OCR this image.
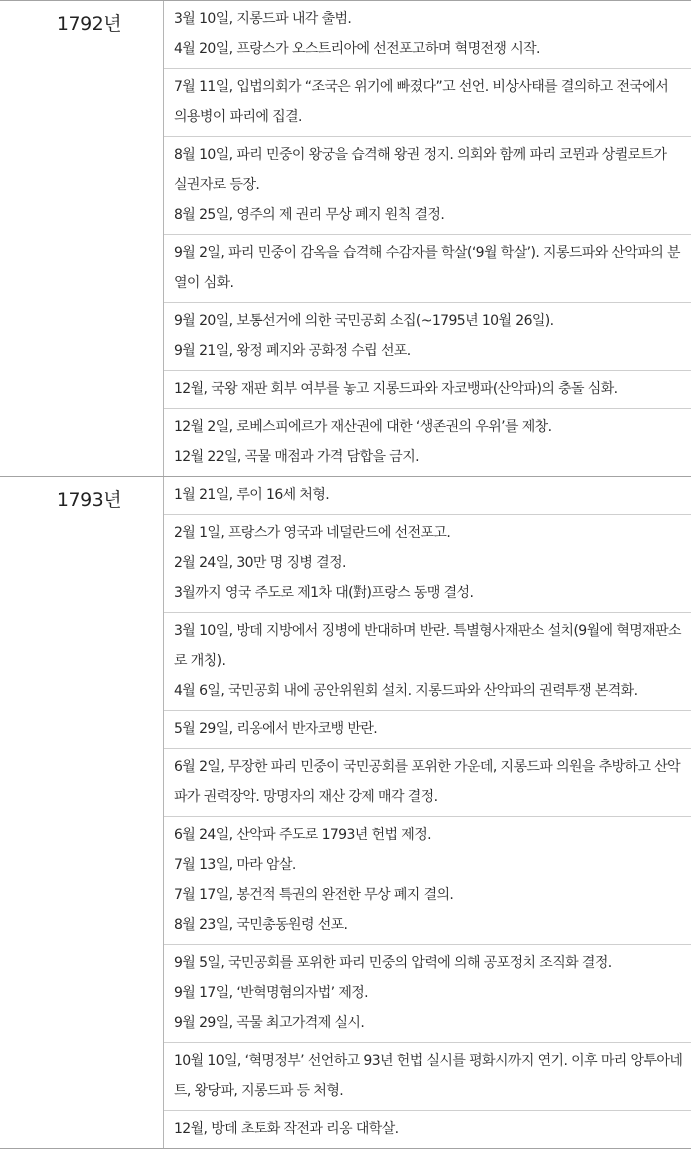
1792년	3월 10일, 지롱드파 내각 출범.
4월 20일, 프랑스가 오스트리아에 선전포고하며 혁명전쟁 시작.
7월 11일, 입법의회가 “조국은 위기에 빠졌다”고 선언. 비상사태를 결의하고 전국에서 의용병이 파리에 집결.
8월 10일, 파리 민중이 왕궁을 습격해 왕권 정지. 의회와 함께 파리 코뮌과 상퀼로트가 실권자로 등장.
8월 25일, 영주의 제 권리 무상 폐지 원칙 결정.
9월 2일, 파리 민중이 감옥을 습격해 수감자를 학살(‘9월 학살’). 지롱드파와 산악파의 분열이 심화.
9월 20일, 보통선거에 의한 국민공회 소집(~1795년 10월 26일).
9월 21일, 왕정 폐지와 공화정 수립 선포.
12월, 국왕 재판 회부 여부를 놓고 지롱드파와 자코뱅파(산악파)의 충돌 심화.
12월 2일, 로베스피에르가 재산권에 대한 ‘생존권의 우위’를 제창.
12월 22일, 곡물 매점과 가격 담합을 금지.
1793년	1월 21일, 루이 16세 처형.
2월 1일, 프랑스가 영국과 네덜란드에 선전포고.
2월 24일, 30만 명 징병 결정.
3월까지 영국 주도로 제1차 대(對)프랑스 동맹 결성.
3월 10일, 방데 지방에서 징병에 반대하며 반란. 특별형사재판소 설치(9월에 혁명재판소로 개칭).
4월 6일, 국민공회 내에 공안위원회 설치. 지롱드파와 산악파의 권력투쟁 본격화.
5월 29일, 리옹에서 반자코뱅 반란.
6월 2일, 무장한 파리 민중이 국민공회를 포위한 가운데, 지롱드파 의원을 추방하고 산악파가 권력장악. 망명자의 재산 강제 매각 결정.
6월 24일, 산악파 주도로 1793년 헌법 제정.
7월 13일, 마라 암살.
7월 17일, 봉건적 특권의 완전한 무상 폐지 결의.
8월 23일, 국민총동원령 선포.
9월 5일, 국민공회를 포위한 파리 민중의 압력에 의해 공포정치 조직화 결정.
9월 17일, ‘반혁명혐의자법’ 제정.
9월 29일, 곡물 최고가격제 실시.
10월 10일, ‘혁명정부’ 선언하고 93년 헌법 실시를 평화시까지 연기. 이후 마리 앙투아네트, 왕당파, 지롱드파 등 처형.
12월, 방데 초토화 작전과 리옹 대학살.
